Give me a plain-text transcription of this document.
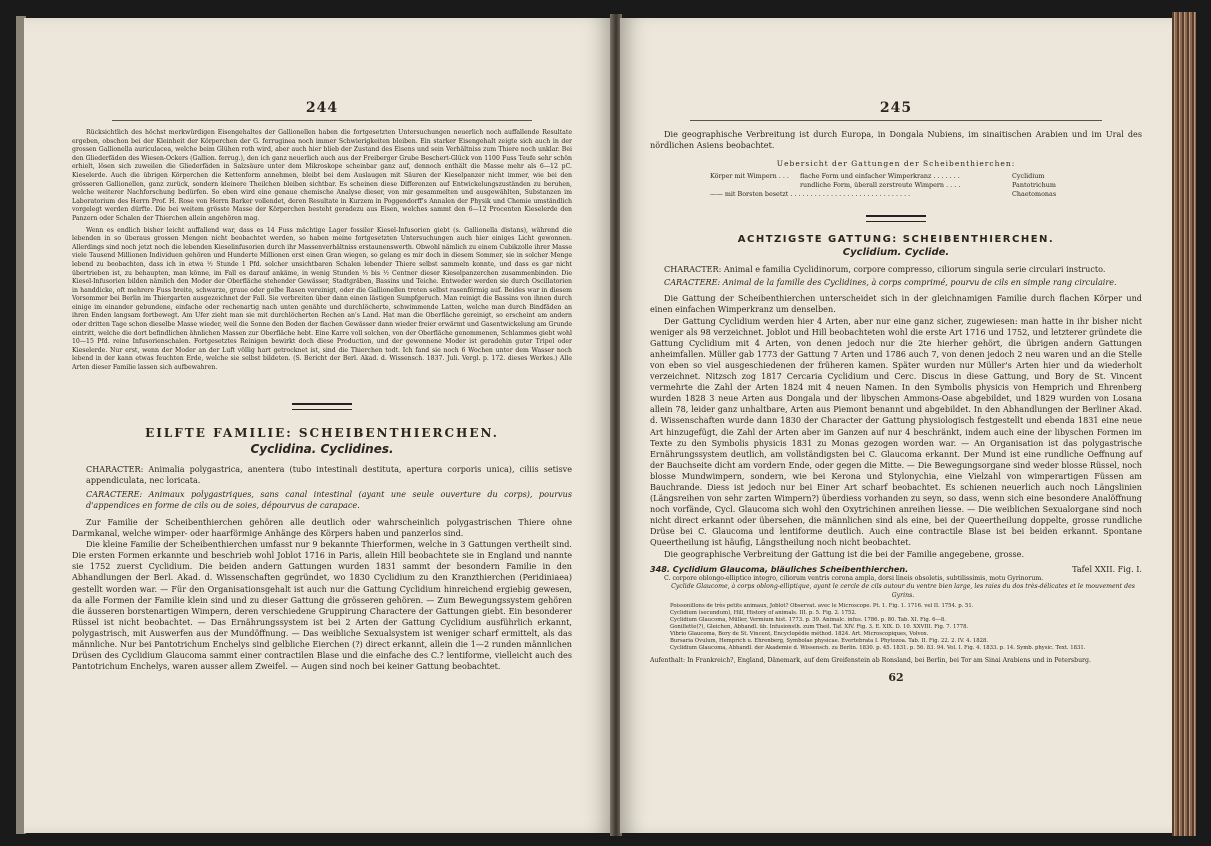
244

Rücksichtlich des höchst merkwürdigen Eisengehaltes der Gallionellen haben die fortgesetzten Untersuchungen neuerlich noch auffallende Resultate ergeben, obschon bei der Kleinheit der Körperchen der G. ferruginea noch immer Schwierigkeiten bleiben. Ein starker Eisengehalt zeigte sich auch in der grossen Gallionella auriculacea, welche beim Glühen roth wird, aber auch hier blieb der Zustand des Eisens und sein Verhältniss zum Thiere noch unklar. Bei den Gliederfäden des Wiesen-Ockers (Gallion. ferrug.), den ich ganz neuerlich auch aus der Freiberger Grube Beschert-Glück von 1100 Fuss Teufe sehr schön erhielt, lösen sich zuweilen die Gliederfäden in Salzsäure unter dem Mikroskope scheinbar ganz auf, dennoch enthält die Masse mehr als 6—12 pC. Kieselerde. Auch die übrigen Körperchen die Kettenform annehmen, bleibt bei dem Auslaugen mit Säuren der Kieselpanzer nicht immer, wie bei den grösseren Gallionellen, ganz zurück, sondern kleinere Theilchen bleiben sichtbar. Es scheinen diese Differenzen auf Entwickelungszuständen zu beruhen, welche weiterer Nachforschung bedürfen. So eben wird eine genaue chemische Analyse dieser, von mir gesammelten und ausgewählten, Substanzen im Laboratorium des Herrn Prof. H. Rose von Herrn Barker vollendet, deren Resultate in Kurzem in Poggendorff's Annalen der Physik und Chemie umständlich vorgelegt werden dürfte. Die bei weitem grösste Masse der Körperchen besteht geradezu aus Eisen, welches sammt den 6—12 Procenten Kieselerde den Panzern oder Schalen der Thierchen allein angehören mag.

Wenn es endlich bisher leicht auffallend war, dass es 14 Fuss mächtige Lager fossiler Kiesel-Infusorien giebt (s. Gallionella distans), während die lebenden in so überaus grossen Mengen nicht beobachtet werden, so haben meine fortgesetzten Untersuchungen auch hier einiges Licht gewonnen. Allerdings sind noch jetzt noch die lebenden Kieselinfusorien durch ihr Massenverhältniss erstaunenswerth. Obwohl nämlich zu einem Cubikzolle ihrer Masse viele Tausend Millionen Individuen gehören und Hunderte Millionen erst einen Gran wiegen, so gelang es mir doch in diesem Sommer, sie in solcher Menge lebend zu beobachten, dass ich in etwa ½ Stunde 1 Pfd. solcher unsichtbaren Schalen lebender Thiere selbst sammeln konnte, und dass es gar nicht übertrieben ist, zu behaupten, man könne, im Fall es darauf ankäme, in wenig Stunden ⅓ bis ½ Centner dieser Kieselpanzerchen zusammenbinden. Die Kiesel-Infusorien bilden nämlich den Moder der Oberfläche stehender Gewässer, Stadtgräben, Bassins und Teiche. Entweder werden sie durch Oscillatorien in handdicke, oft mehrere Fuss breite, schwarze, graue oder gelbe Rasen vereinigt, oder die Gallionellen treten selbst rasenförmig auf. Beides war in diesem Vorsommer bei Berlin im Thiergarten ausgezeichnet der Fall. Sie verbreiten über dann einen lästigen Sumpfgeruch. Man reinigt die Bassins von ihnen durch einige im einander gebundene, einfache oder rechenartig nach unten genähte und durchlöcherte, schwimmende Latten, welche man durch Bindfäden an ihren Enden langsam fortbewegt. Am Ufer zieht man sie mit durchlöcherten Rechen an's Land. Hat man die Oberfläche gereinigt, so erscheint am andern oder dritten Tage schon dieselbe Masse wieder, weil die Sonne den Boden der flachen Gewässer dann wieder freier erwärmt und Gasentwickelung am Grunde eintritt, welche die dort befindlichen ähnlichen Massen zur Oberfläche hebt. Eine Karre voll solchen, von der Oberfläche genommenen, Schlammes giebt wohl 10—15 Pfd. reine Infusorienschalen. Fortgesetztes Reinigen bewirkt doch diese Production, und der gewonnene Moder ist geradehin guter Tripel oder Kieselerde. Nur erst, wenn der Moder an der Luft völlig hart getrocknet ist, sind die Thierchen todt. Ich fand sie noch 6 Wochen unter dem Wasser noch lebend in der kann etwas feuchten Erde, welche sie selbst bildeten. (S. Bericht der Berl. Akad. d. Wissensch. 1837. Juli. Vergl. p. 172. dieses Werkes.) Alle Arten dieser Familie lassen sich aufbewahren.

EILFTE FAMILIE: SCHEIBENTHIERCHEN.
Cyclidina. Cyclidines.

CHARACTER: Animalia polygastrica, anentera (tubo intestinali destituta, apertura corporis unica), ciliis setisve appendiculata, nec loricata.

CARACTERE: Animaux polygastriques, sans canal intestinal (ayant une seule ouverture du corps), pourvus d'appendices en forme de cils ou de soies, dépourvus de carapace.

Zur Familie der Scheibenthierchen gehören alle deutlich oder wahrscheinlich polygastrischen Thiere ohne Darmkanal, welche wimper- oder haarförmige Anhänge des Körpers haben und panzerlos sind.

Die kleine Familie der Scheibenthierchen umfasst nur 9 bekannte Thierformen, welche in 3 Gattungen vertheilt sind. Die ersten Formen erkannte und beschrieb wohl Joblot 1716 in Paris, allein Hill beobachtete sie in England und nannte sie 1752 zuerst Cyclidium. Die beiden andern Gattungen wurden 1831 sammt der besondern Familie in den Abhandlungen der Berl. Akad. d. Wissenschaften gegründet, wo 1830 Cyclidium zu den Kranzthierchen (Peridiniaea) gestellt worden war. — Für den Organisationsgehalt ist auch nur die Gattung Cyclidium hinreichend ergiebig gewesen, da alle Formen der Familie klein sind und zu dieser Gattung die grösseren gehören. — Zum Bewegungssystem gehören die äusseren borstenartigen Wimpern, deren verschiedene Gruppirung Charactere der Gattungen giebt. Ein besonderer Rüssel ist nicht beobachtet. — Das Ernährungssystem ist bei 2 Arten der Gattung Cyclidium ausführlich erkannt, polygastrisch, mit Auswerfen aus der Mundöffnung. — Das weibliche Sexualsystem ist weniger scharf ermittelt, als das männliche. Nur bei Pantotrichum Enchelys sind gelbliche Eierchen (?) direct erkannt, allein die 1—2 runden männlichen Drüsen des Cyclidium Glaucoma sammt einer contractilen Blase und die einfache des C.? lentiforme, vielleicht auch des Pantotrichum Enchelys, waren ausser allem Zweifel. — Augen sind noch bei keiner Gattung beobachtet.

245

Die geographische Verbreitung ist durch Europa, in Dongala Nubiens, im sinaitischen Arabien und im Ural des nördlichen Asiens beobachtet.

Uebersicht der Gattungen der Scheibenthierchen:
Körper mit Wimpern . . .	flache Form und einfacher Wimperkranz . . . . . . .	Cyclidium
rundliche Form, überall zerstreute Wimpern . . . .	Pantotrichum
—— mit Borsten besetzt . . . . . . . . . . . . . . . . . . . . . . . . . . . . . .	Chaetomonas
ACHTZIGSTE GATTUNG: SCHEIBENTHIERCHEN.
Cyclidium. Cyclide.

CHARACTER: Animal e familia Cyclidinorum, corpore compresso, ciliorum singula serie circulari instructo.

CARACTERE: Animal de la famille des Cyclidines, à corps comprimé, pourvu de cils en simple rang circulaire.

Die Gattung der Scheibenthierchen unterscheidet sich in der gleichnamigen Familie durch flachen Körper und einen einfachen Wimperkranz um denselben.

Der Gattung Cyclidium werden hier 4 Arten, aber nur eine ganz sicher, zugewiesen: man hatte in ihr bisher nicht weniger als 98 verzeichnet. Joblot und Hill beobachteten wohl die erste Art 1716 und 1752, und letzterer gründete die Gattung Cyclidium mit 4 Arten, von denen jedoch nur die 2te hierher gehört, die übrigen andern Gattungen anheimfallen. Müller gab 1773 der Gattung 7 Arten und 1786 auch 7, von denen jedoch 2 neu waren und an die Stelle von eben so viel ausgeschiedenen der früheren kamen. Später wurden nur Müller's Arten hier und da wiederholt verzeichnet. Nitzsch zog 1817 Cercaria Cyclidium und Cerc. Discus in diese Gattung, und Bory de St. Vincent vermehrte die Zahl der Arten 1824 mit 4 neuen Namen. In den Symbolis physicis von Hemprich und Ehrenberg wurden 1828 3 neue Arten aus Dongala und der libyschen Ammons-Oase abgebildet, und 1829 wurden von Losana allein 78, leider ganz unhaltbare, Arten aus Piemont benannt und abgebildet. In den Abhandlungen der Berliner Akad. d. Wissenschaften wurde dann 1830 der Character der Gattung physiologisch festgestellt und ebenda 1831 eine neue Art hinzugefügt, die Zahl der Arten aber im Ganzen auf nur 4 beschränkt, indem auch eine der libyschen Formen im Texte zu den Symbolis physicis 1831 zu Monas gezogen worden war. — An Organisation ist das polygastrische Ernährungssystem deutlich, am vollständigsten bei C. Glaucoma erkannt. Der Mund ist eine rundliche Oeffnung auf der Bauchseite dicht am vordern Ende, oder gegen die Mitte. — Die Bewegungsorgane sind weder blosse Rüssel, noch blosse Mundwimpern, sondern, wie bei Kerona und Stylonychia, eine Vielzahl von wimperartigen Füssen am Bauchrande. Diess ist jedoch nur bei Einer Art scharf beobachtet. Es schienen neuerlich auch noch Längslinien (Längsreihen von sehr zarten Wimpern?) überdiess vorhanden zu seyn, so dass, wenn sich eine besondere Analöffnung noch vorfände, Cycl. Glaucoma sich wohl den Oxytrichinen anreihen liesse. — Die weiblichen Sexualorgane sind noch nicht direct erkannt oder übersehen, die männlichen sind als eine, bei der Queertheilung doppelte, grosse rundliche Drüse bei C. Glaucoma und lentiforme deutlich. Auch eine contractile Blase ist bei beiden erkannt. Spontane Queertheilung ist häufig, Längstheilung noch nicht beobachtet.

Die geographische Verbreitung der Gattung ist die bei der Familie angegebene, grosse.

348. Cyclidium Glaucoma, bläuliches Scheibenthierchen.	Tafel XXII. Fig. I.

C. corpore oblongo-elliptico integro, ciliorum ventris corona ampla, dorsi lineis obsoletis, subtilissimis, motu Gyrinorum.

Cyclide Glaucome, à corps oblong-elliptique, ayant le cercle de cils autour du ventre bien large, les raies du dos très-délicates et le mouvement des Gyrins.

Poissonillons de très petits animaux, Joblot? Observat. avec le Microscope. Pt. 1. Fig. 1. 1716. vel II. 1754. p. 51.

Cyclidium (secundum), Hill, History of animals. III. p. 5. Fig. 2. 1752.

Cyclidium Glaucoma, Müller, Vermium hist. 1773. p. 39. Animalc. infus. 1786. p. 80. Tab. XI. Fig. 6—8.

Gonillette(?), Gleichen, Abhandl. üb. Infusionsth. zum Theil. Taf. XIV. Fig. 3. E. XIX. D. 10. XXVIII. Fig. 7. 1778.

Vibrio Glaucoma, Bory de St. Vincent, Encyclopédie méthod. 1824. Art. Microscopiques, Volvox.

Bursaria Ovulum, Hemprich u. Ehrenberg, Symbolae physicae. Evertebrata I. Phytozoa. Tab. II. Fig. 22. 2. IV. 4. 1828.

Cyclidium Glaucoma, Abhandl. der Akademie d. Wissensch. zu Berlin. 1830. p. 45. 1831. p. 56. 83. 94. Vol. I. Fig. 4. 1833. p. 14. Symb. physic. Text. 1831.

Aufenthalt: In Frankreich?, England, Dänemark, auf dem Greifenstein ab Ronsland, bei Berlin, bei Tor am Sinai Arabiens und in Petersburg.

62
